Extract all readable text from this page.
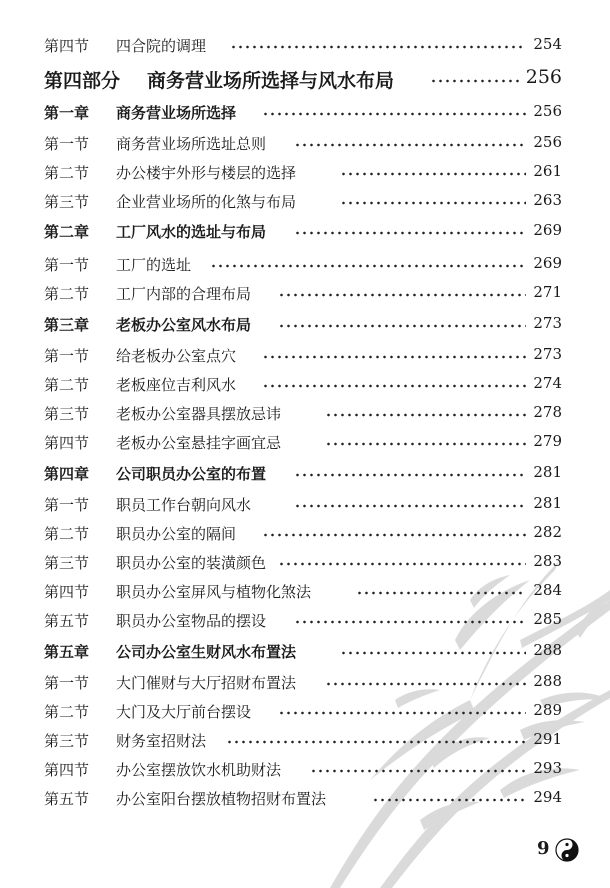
第四节 四合院的调理	254
第四部分 商务营业场所选择与风水布局	256
第一章 商务营业场所选择	256
第一节 商务营业场所选址总则	256
第二节 办公楼宇外形与楼层的选择	261
第三节 企业营业场所的化煞与布局	263
第二章 工厂风水的选址与布局	269
第一节 工厂的选址	269
第二节 工厂内部的合理布局	271
第三章 老板办公室风水布局	273
第一节 给老板办公室点穴	273
第二节 老板座位吉利风水	274
第三节 老板办公室器具摆放忌讳	278
第四节 老板办公室悬挂字画宜忌	279
第四章 公司职员办公室的布置	281
第一节 职员工作台朝向风水	281
第二节 职员办公室的隔间	282
第三节 职员办公室的装潢颜色	283
第四节 职员办公室屏风与植物化煞法	284
第五节 职员办公室物品的摆设	285
第五章 公司办公室生财风水布置法	288
第一节 大门催财与大厅招财布置法	288
第二节 大门及大厅前台摆设	289
第三节 财务室招财法	291
第四节 办公室摆放饮水机助财法	293
第五节 办公室阳台摆放植物招财布置法	294
9
